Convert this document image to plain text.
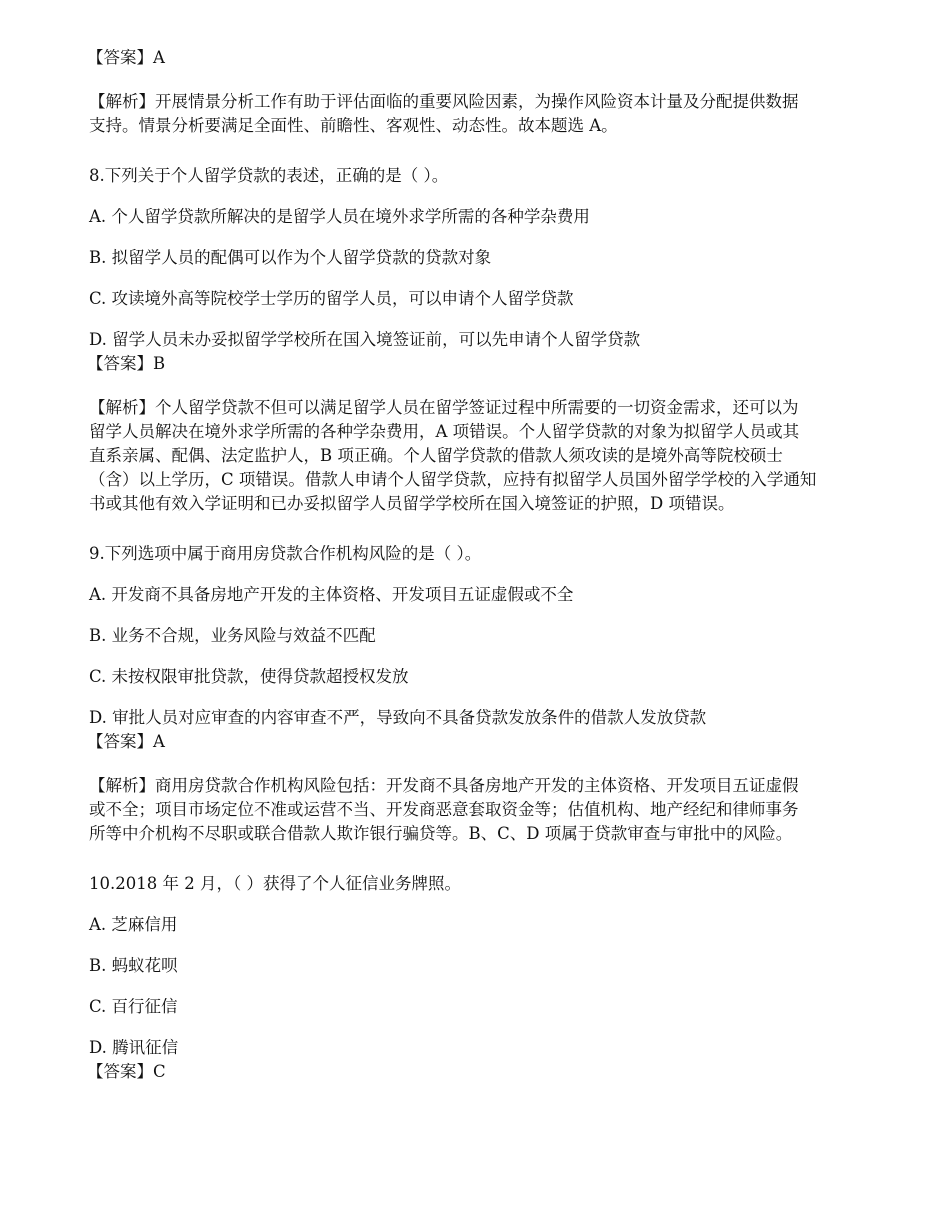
【答案】A
【解析】开展情景分析工作有助于评估面临的重要风险因素，为操作风险资本计量及分配提供数据
支持。情景分析要满足全面性、前瞻性、客观性、动态性。故本题选 A。
8.下列关于个人留学贷款的表述，正确的是（ ）。
A. 个人留学贷款所解决的是留学人员在境外求学所需的各种学杂费用
B. 拟留学人员的配偶可以作为个人留学贷款的贷款对象
C. 攻读境外高等院校学士学历的留学人员，可以申请个人留学贷款
D. 留学人员未办妥拟留学学校所在国入境签证前，可以先申请个人留学贷款
【答案】B
【解析】个人留学贷款不但可以满足留学人员在留学签证过程中所需要的一切资金需求，还可以为
留学人员解决在境外求学所需的各种学杂费用，A 项错误。个人留学贷款的对象为拟留学人员或其
直系亲属、配偶、法定监护人，B 项正确。个人留学贷款的借款人须攻读的是境外高等院校硕士
（含）以上学历，C 项错误。借款人申请个人留学贷款，应持有拟留学人员国外留学学校的入学通知
书或其他有效入学证明和已办妥拟留学人员留学学校所在国入境签证的护照，D 项错误。
9.下列选项中属于商用房贷款合作机构风险的是（ ）。
A. 开发商不具备房地产开发的主体资格、开发项目五证虚假或不全
B. 业务不合规，业务风险与效益不匹配
C. 未按权限审批贷款，使得贷款超授权发放
D. 审批人员对应审查的内容审查不严，导致向不具备贷款发放条件的借款人发放贷款
【答案】A
【解析】商用房贷款合作机构风险包括：开发商不具备房地产开发的主体资格、开发项目五证虚假
或不全；项目市场定位不准或运营不当、开发商恶意套取资金等；估值机构、地产经纪和律师事务
所等中介机构不尽职或联合借款人欺诈银行骗贷等。B、C、D 项属于贷款审查与审批中的风险。
10.2018 年 2 月，（ ）获得了个人征信业务牌照。
A. 芝麻信用
B. 蚂蚁花呗
C. 百行征信
D. 腾讯征信
【答案】C
